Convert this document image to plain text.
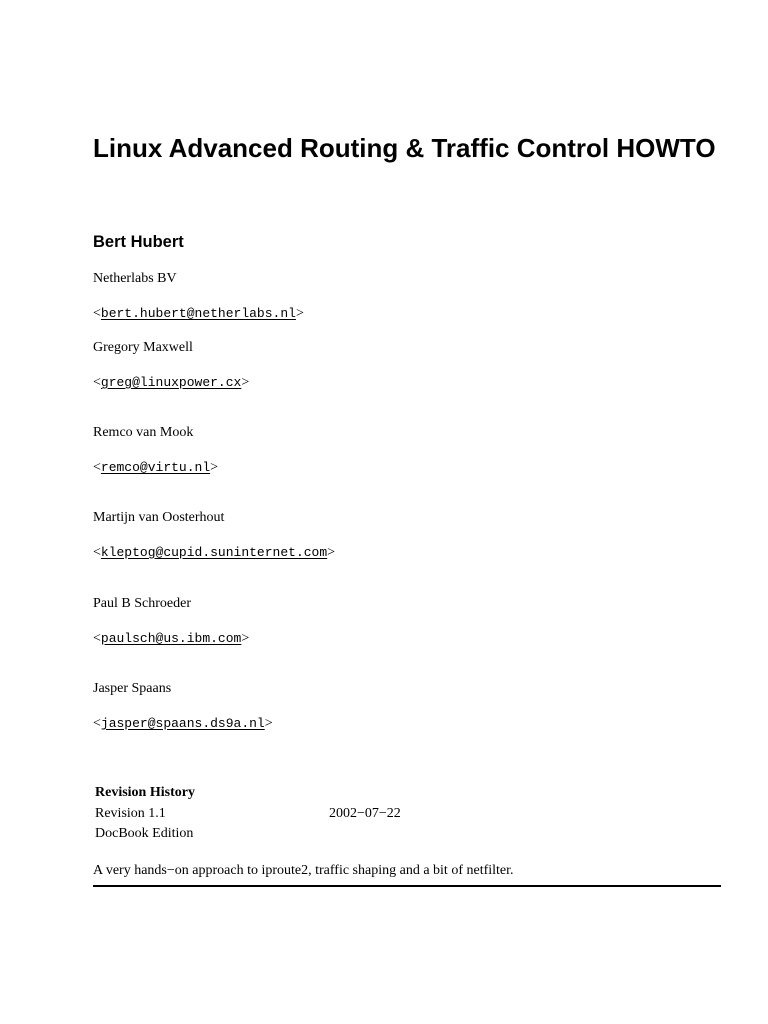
Linux Advanced Routing & Traffic Control HOWTO
Bert Hubert

Netherlabs BV

<bert.hubert@netherlabs.nl>

Gregory Maxwell

<greg@linuxpower.cx>

Remco van Mook

<remco@virtu.nl>

Martijn van Oosterhout

<kleptog@cupid.suninternet.com>

Paul B Schroeder

<paulsch@us.ibm.com>

Jasper Spaans

<jasper@spaans.ds9a.nl>

Revision History

Revision 1.1	2002−07−22

DocBook Edition

A very hands−on approach to iproute2, traffic shaping and a bit of netfilter.
